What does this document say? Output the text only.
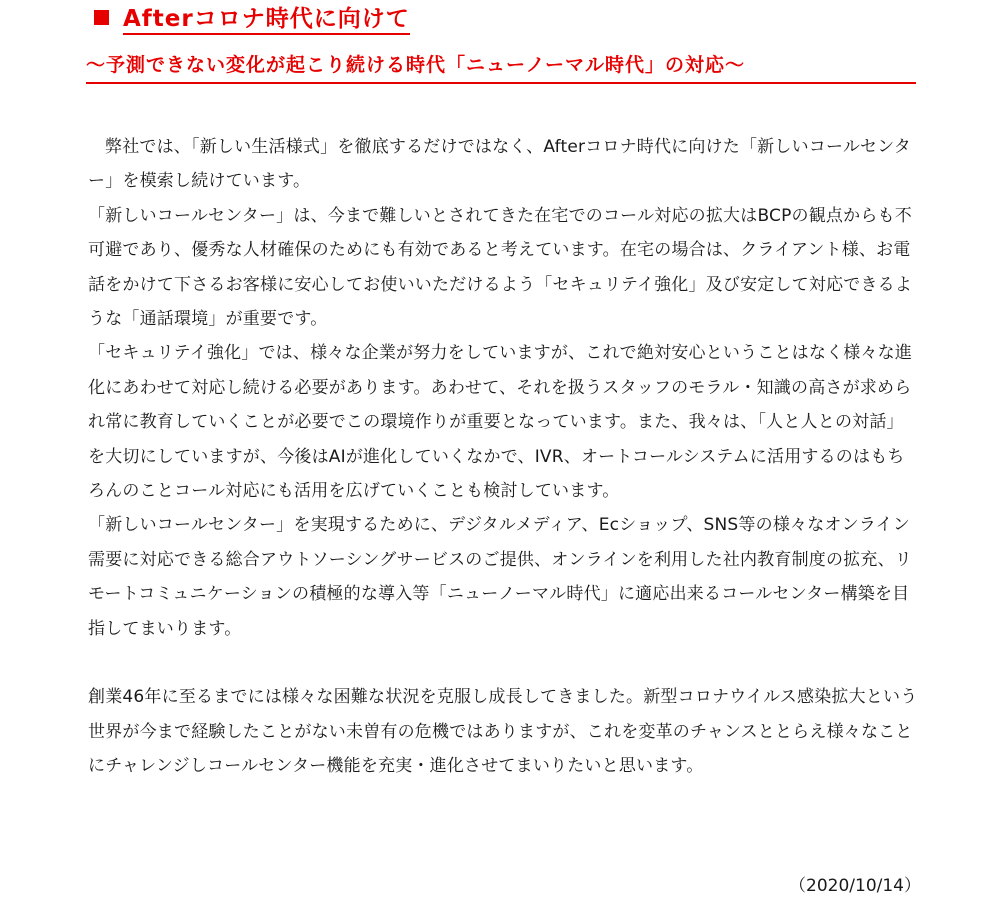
Afterコロナ時代に向けて
～予測できない変化が起こり続ける時代「ニューノーマル時代」の対応～

弊社では、「新しい生活様式」を徹底するだけではなく、Afterコロナ時代に向けた「新しいコールセンター」を模索し続けています。

「新しいコールセンター」は、今まで難しいとされてきた在宅でのコール対応の拡大はBCPの観点からも不可避であり、優秀な人材確保のためにも有効であると考えています。在宅の場合は、クライアント様、お電話をかけて下さるお客様に安心してお使いいただけるよう「セキュリテイ強化」及び安定して対応できるような「通話環境」が重要です。

「セキュリテイ強化」では、様々な企業が努力をしていますが、これで絶対安心ということはなく様々な進化にあわせて対応し続ける必要があります。あわせて、それを扱うスタッフのモラル・知識の高さが求められ常に教育していくことが必要でこの環境作りが重要となっています。また、我々は、「人と人との対話」を大切にしていますが、今後はAIが進化していくなかで、IVR、オートコールシステムに活用するのはもちろんのことコール対応にも活用を広げていくことも検討しています。

「新しいコールセンター」を実現するために、デジタルメディア、Ecショップ、SNS等の様々なオンライン需要に対応できる総合アウトソーシングサービスのご提供、オンラインを利用した社内教育制度の拡充、リモートコミュニケーションの積極的な導入等「ニューノーマル時代」に適応出来るコールセンター構築を目指してまいります。

創業46年に至るまでには様々な困難な状況を克服し成長してきました。新型コロナウイルス感染拡大という世界が今まで経験したことがない未曽有の危機ではありますが、これを変革のチャンスととらえ様々なことにチャレンジしコールセンター機能を充実・進化させてまいりたいと思います。

（2020/10/14）
